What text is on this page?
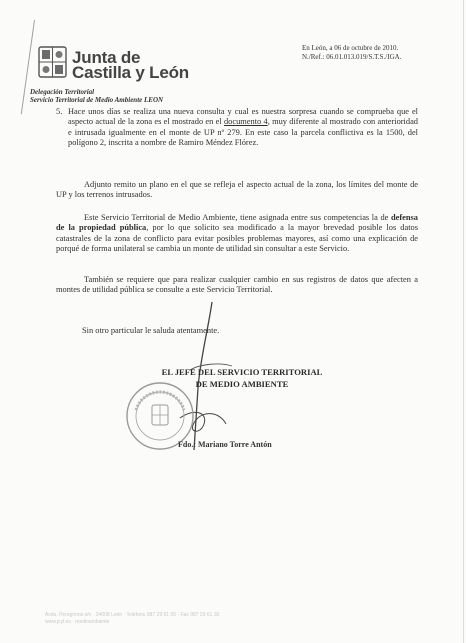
Junta de
Castilla y León
Delegación Territorial
Servicio Territorial de Medio Ambiente LEON
En León, a 06 de octubre de 2010.
N./Ref.: 06.01.013.019/S.T.S./IGA.
5. Hace unos días se realiza una nueva consulta y cual es nuestra sorpresa cuando se comprueba que el aspecto actual de la zona es el mostrado en el documento 4, muy diferente al mostrado con anterioridad e intrusada igualmente en el monte de UP nº 279. En este caso la parcela conflictiva es la 1500, del polígono 2, inscrita a nombre de Ramiro Méndez Flórez.
Adjunto remito un plano en el que se refleja el aspecto actual de la zona, los límites del monte de UP y los terrenos intrusados.
Este Servicio Territorial de Medio Ambiente, tiene asignada entre sus competencias la de defensa de la propiedad pública, por lo que solicito sea modificado a la mayor brevedad posible los datos catastrales de la zona de conflicto para evitar posibles problemas mayores, así como una explicación de porqué de forma unilateral se cambia un monte de utilidad sin consultar a este Servicio.
También se requiere que para realizar cualquier cambio en sus registros de datos que afecten a montes de utilidad pública se consulte a este Servicio Territorial.
Sin otro particular le saluda atentamente.
EL JEFE DEL SERVICIO TERRITORIAL
DE MEDIO AMBIENTE
Fdo.: Mariano Torre Antón
Avda. Peregrinos s/n · 24008 León · Teléfono 987 29 61 00 · Fax 987 29 61 30
www.jcyl.es · medioambiente
